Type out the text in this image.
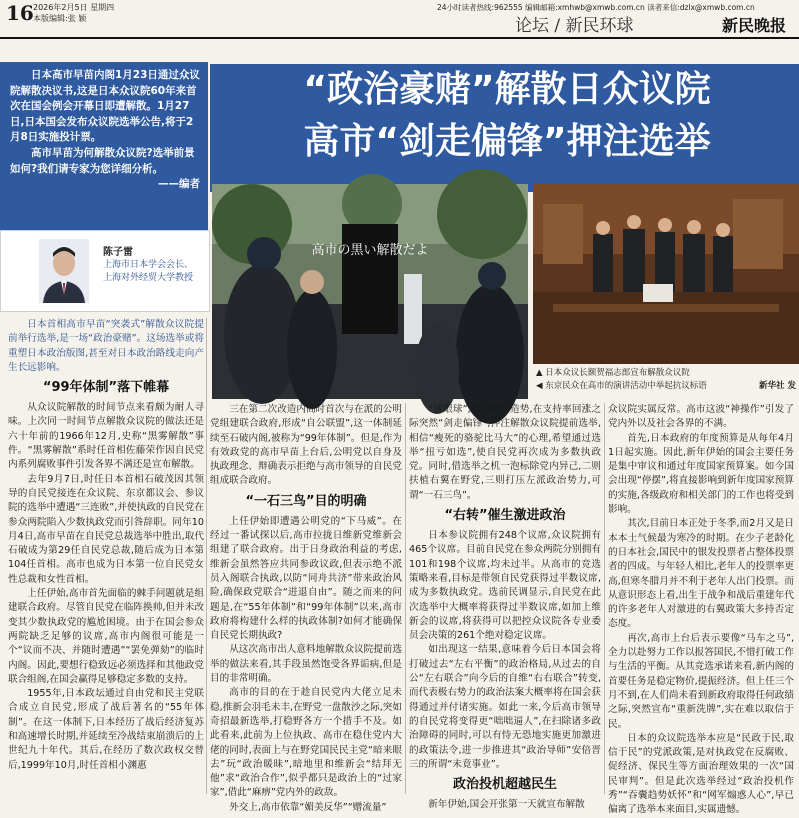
16 2026年2月5日 星期四
本版编辑:张 颖
24小时读者热线:962555 编辑邮箱:xmhwb@xmwb.com.cn 读者来信:dzlx@xmwb.com.cn
论坛 / 新民环球	新民晚报

日本高市早苗内阁1月23日通过众议院解散决议书,这是日本众议院60年来首次在国会例会开幕日即遭解散。1月27日,日本国会发布众议院选举公告,将于2月8日实施投计票。

高市早苗为何解散众议院?选举前景如何?我们请专家为您详细分析。

——编者
陈子雷
上海市日本学会会长、上海对外经贸大学教授
“政治豪赌”解散日众议院
高市“剑走偏锋”押注选举
高市の黒い解散だよ
▲ 日本众议长额贺福志郎宣布解散众议院
◀ 东京民众在高市的演讲活动中举起抗议标语	新华社 发

日本首相高市早苗“突袭式”解散众议院提前举行选举,是一场“政治豪赌”。这场选举或将重塑日本政治版图,甚至对日本政治路线走向产生长远影响。

“99年体制”落下帷幕

从众议院解散的时间节点来看颇为耐人寻味。上次同一时间节点解散众议院的做法还是六十年前的1966年12月,史称“黑雾解散”事件。“黑雾解散”系时任首相佐藤荣作因自民党内系列腐败事件引发各界不满还是宣布解散。

去年9月7日,时任日本首相石破茂因其领导的自民党接连在众议院、东京都议会、参议院的选举中遭遇“三连败”,并使执政的自民党在参众两院陷入少数执政党而引咎辞职。同年10月4日,高市早苗在自民党总裁选举中胜出,取代石破成为第29任自民党总裁,随后成为日本第104任首相。高市也成为日本第一位自民党女性总裁和女性首相。

上任伊始,高市首先面临的棘手问题就是组建联合政府。尽管自民党在临阵换帅,但并未改变其少数执政党的尴尬困境。由于在国会参众两院缺乏足够的议席,高市内阁很可能是一个“议而不决、并随时遭遇”“罢免弹劾”的临时内阁。因此,要想行稳致远必须选择和其他政党联合组阁,在国会赢得足够稳定多数的支持。

1955年,日本政坛通过自由党和民主党联合成立自民党,形成了战后著名的“55年体制”。在这一体制下,日本经历了战后经济复苏和高速增长时期,并延续至冷战结束崩溃后的上世纪九十年代。其后,在经历了数次政权交替后,1999年10月,时任首相小渊惠

三在第二次改造内阁时首次与在派的公明党组建联合政府,形成“自公联盟”,这一体制延续至石破内阁,被称为“99年体制”。但是,作为有效政党的高市早苗上台后,公明党以自身及执政理念、辩确表示拒绝与高市领导的自民党组成联合政府。

“一石三鸟”目的明确

上任伊始即遭遇公明党的“下马威”。在经过一番试探以后,高市拉拢日维新党维新会组建了联合政府。出于日身政治利益的考虑,维新会虽然答应共同参政议政,但表示绝不派员入阁联合执政,以防“同舟共济”带来政治风险,确保政党联合“进退自由”。随之而来的问题是,在“55年体制”和“99年体制”以来,高市政府将构建什么样的执政体制?如何才能确保自民党长期执政?

从这次高市出人意料地解散众议院提前选举的做法来看,其手段虽然饱受各界诟病,但是目的非常明确。

高市的目的在于趁自民党内大佬立足未稳,推新会羽毛未丰,在野党一盘散沙之际,突如奇招最新选举,打稳野各方一个措手不及。如此看来,此前为上位执政、高市在稳住党内大佬的同时,表面上与在野党国民民主党“暗来眼去”玩“政治暖昧”,暗地里和维新会“结拜无他”求“政治合作”,似乎都只是政治上的“过家家”,借此“麻痹”党内外的政敌。

外交上,高市依靠“媚美反华”“赠流量”

“博眼球”,利用网络造势,在支持率回涨之际突然“剑走偏锋”,押注解散众议院提前选举,相信“瘦死的骆驼比马大”的心理,希望通过选举“扭亏如选”,使自民党再次成为多数执政党。同时,借选举之机一泡标除党内异己,二则扶植右翼在野党,三则打压左派政治势力,可谓“一石三鸟”。

“右转”催生激进政治

日本参议院拥有248个议席,众议院拥有465个议席。目前自民党在参众两院分别拥有101和198个议席,均未过半。从高市的竞选策略来看,目标是带领自民党获得过半数议席,成为多数执政党。选前民调显示,自民党在此次选举中大概率将获得过半数议席,如加上维新会的议席,将获得可以把控众议院各专业委员会决策的261个绝对稳定议席。

如出现这一结果,意味着今后日本国会将打破过去“左右平衡”的政治格局,从过去的自公“左右联合”向今后的自维“右右联合”转变,而代表极右势力的政治法案大概率将在国会获得通过并付诸实施。如此一来,今后高市领导的自民党将变得更“咄咄逼人”,在扫除诸多政治障碍的同时,可以有恃无恐地实施更加激进的政策法令,进一步推进其“政治导师”安倍晋三的所谓“未竟事业”。

政治投机超越民生

新年伊始,国会开张第一天就宣布解散

众议院实属反常。高市这波“神操作”引发了党内外以及社会各界的不满。

首先,日本政府的年度预算是从每年4月1日起实施。因此,新年伊始的国会主要任务是集中审议和通过年度国家预算案。如今国会出现“停摆”,将直接影响到新年度国家预算的实施,各级政府和相关部门的工作也将受到影响。

其次,目前日本正处于冬季,而2月又是日本本土气候最为寒冷的时期。在少子老龄化的日本社会,国民中的银发投票者占整体投票者的四成。与年轻人相比,老年人的投票率更高,但寒冬腊月并不利于老年人出门投票。而从意识形态上看,出生于战争和战后重建年代的许多老年人对激进的右翼政策大多持否定态度。

再次,高市上台后表示要像“马车之马”,全力以赴努力工作以报答国民,不惜打破工作与生活的平衡。从其竞选承诺来看,新内阁的首要任务是稳定物价,提振经济。但上任三个月不到,在人们尚未看到新政府取得任何政绩之际,突然宣布“重新洗牌”,实在难以取信于民。

日本的众议院选举本应是“民政于民,取信于民”的党派政策,是对执政党在反腐败、促经济、保民生等方面治理效果的一次“国民审判”。但是此次选举经过“政治投机作秀”“吞囊趋势妖怀”和“网军煽惑人心”,早已偏离了选举本来面目,实属遗憾。
